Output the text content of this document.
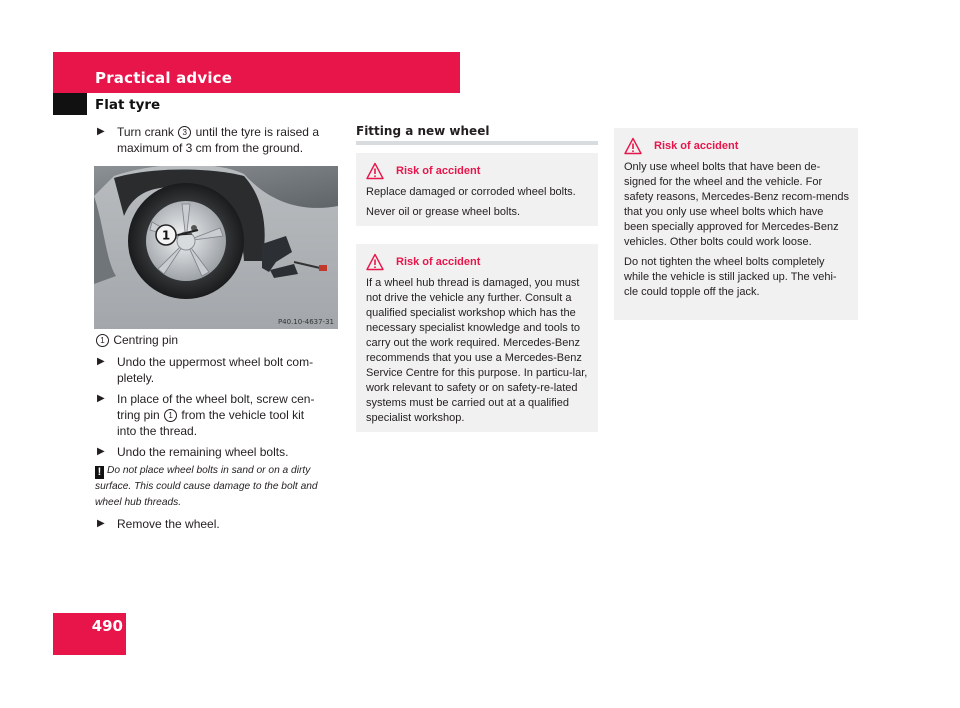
Practical advice
Flat tyre
▶	Turn crank 3 until the tyre is raised a
maximum of 3 cm from the ground.
1
P40.10-4637-31
1 Centring pin
▶	Undo the uppermost wheel bolt com-
pletely.
▶	In place of the wheel bolt, screw cen-
tring pin 1 from the vehicle tool kit
into the thread.
▶	Undo the remaining wheel bolts.
! Do not place wheel bolts in sand or on a dirty surface. This could cause damage to the bolt and wheel hub threads.
▶	Remove the wheel.
Fitting a new wheel
Risk of accident

Replace damaged or corroded wheel bolts.

Never oil or grease wheel bolts.

Risk of accident

If a wheel hub thread is damaged, you must not drive the vehicle any further. Consult a qualified specialist workshop which has the necessary specialist knowledge and tools to carry out the work required. Mercedes-Benz recommends that you use a Mercedes-Benz Service Centre for this purpose. In particu-lar, work relevant to safety or on safety-re-lated systems must be carried out at a qualified specialist workshop.

Risk of accident

Only use wheel bolts that have been de-signed for the wheel and the vehicle. For safety reasons, Mercedes-Benz recom-mends that you only use wheel bolts which have been specially approved for Mercedes-Benz vehicles. Other bolts could work loose.

Do not tighten the wheel bolts completely while the vehicle is still jacked up. The vehi-cle could topple off the jack.

490
